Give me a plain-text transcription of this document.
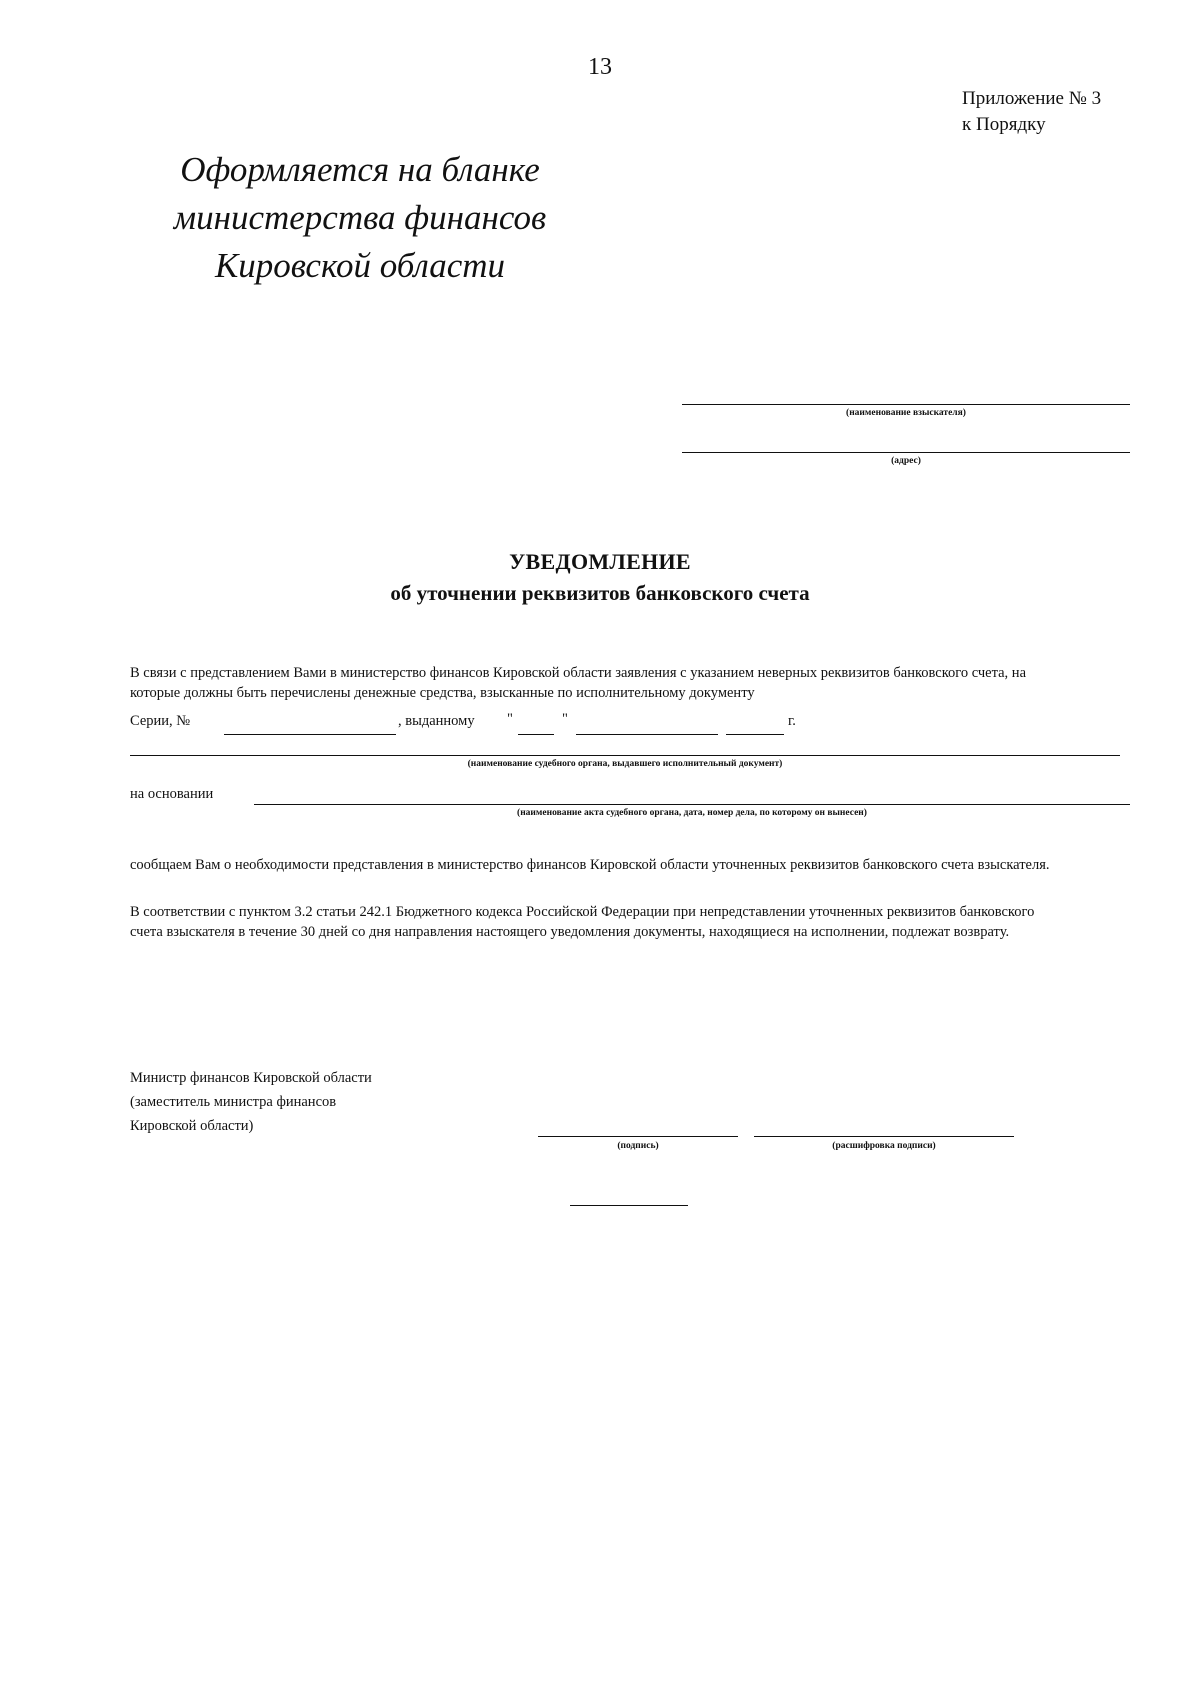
13
Приложение № 3
к Порядку
Оформляется на бланке
министерства финансов
Кировской области
(наименование взыскателя)
(адрес)
УВЕДОМЛЕНИЕ
об уточнении реквизитов банковского счета
В связи с представлением Вами в министерство финансов Кировской области заявления с указанием неверных реквизитов банковского счета, на
которые должны быть перечислены денежные средства, взысканные по исполнительному документу
Серии, №	, выданному "	"	г.
(наименование судебного органа, выдавшего исполнительный документ)
на основании
(наименование акта судебного органа, дата, номер дела, по которому он вынесен)
сообщаем Вам о необходимости представления в министерство финансов Кировской области уточненных реквизитов банковского счета взыскателя.
В соответствии с пунктом 3.2 статьи 242.1 Бюджетного кодекса Российской Федерации при непредставлении уточненных реквизитов банковского
счета взыскателя в течение 30 дней со дня направления настоящего уведомления документы, находящиеся на исполнении, подлежат возврату.
Министр финансов Кировской области
(заместитель министра финансов
Кировской области)
(подпись)	(расшифровка подписи)
